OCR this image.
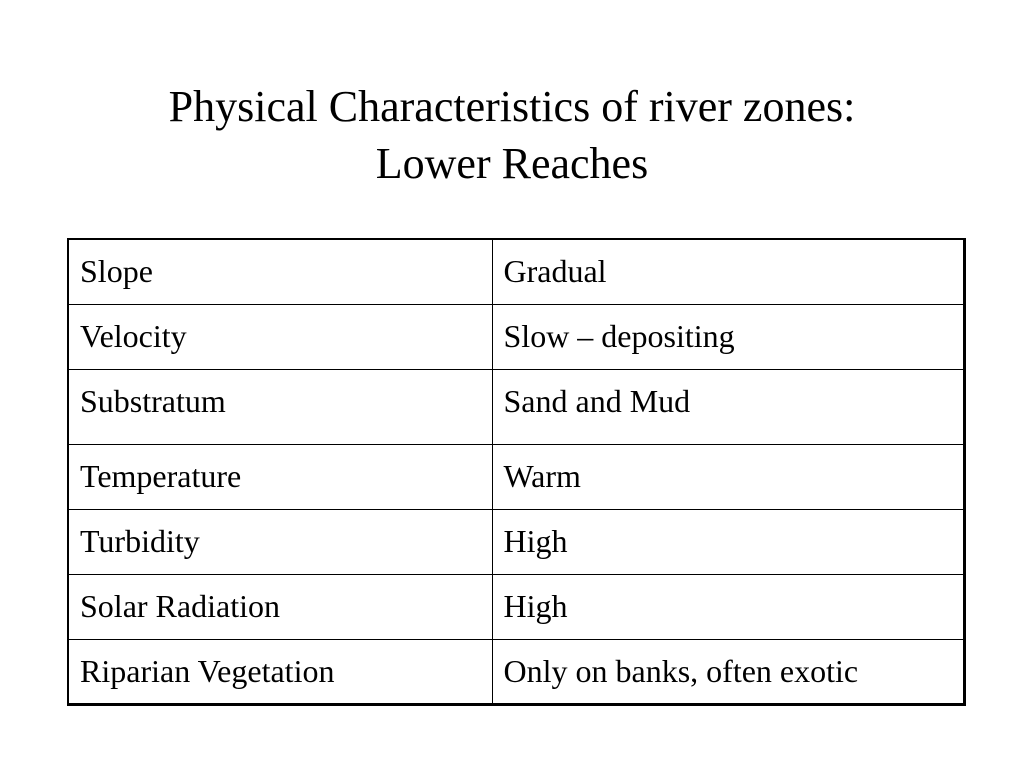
Physical Characteristics of river zones:
Lower Reaches
Slope	Gradual

Velocity	Slow – depositing

Substratum	Sand and Mud

Temperature	Warm

Turbidity	High

Solar Radiation	High

Riparian Vegetation	Only on banks, often exotic
